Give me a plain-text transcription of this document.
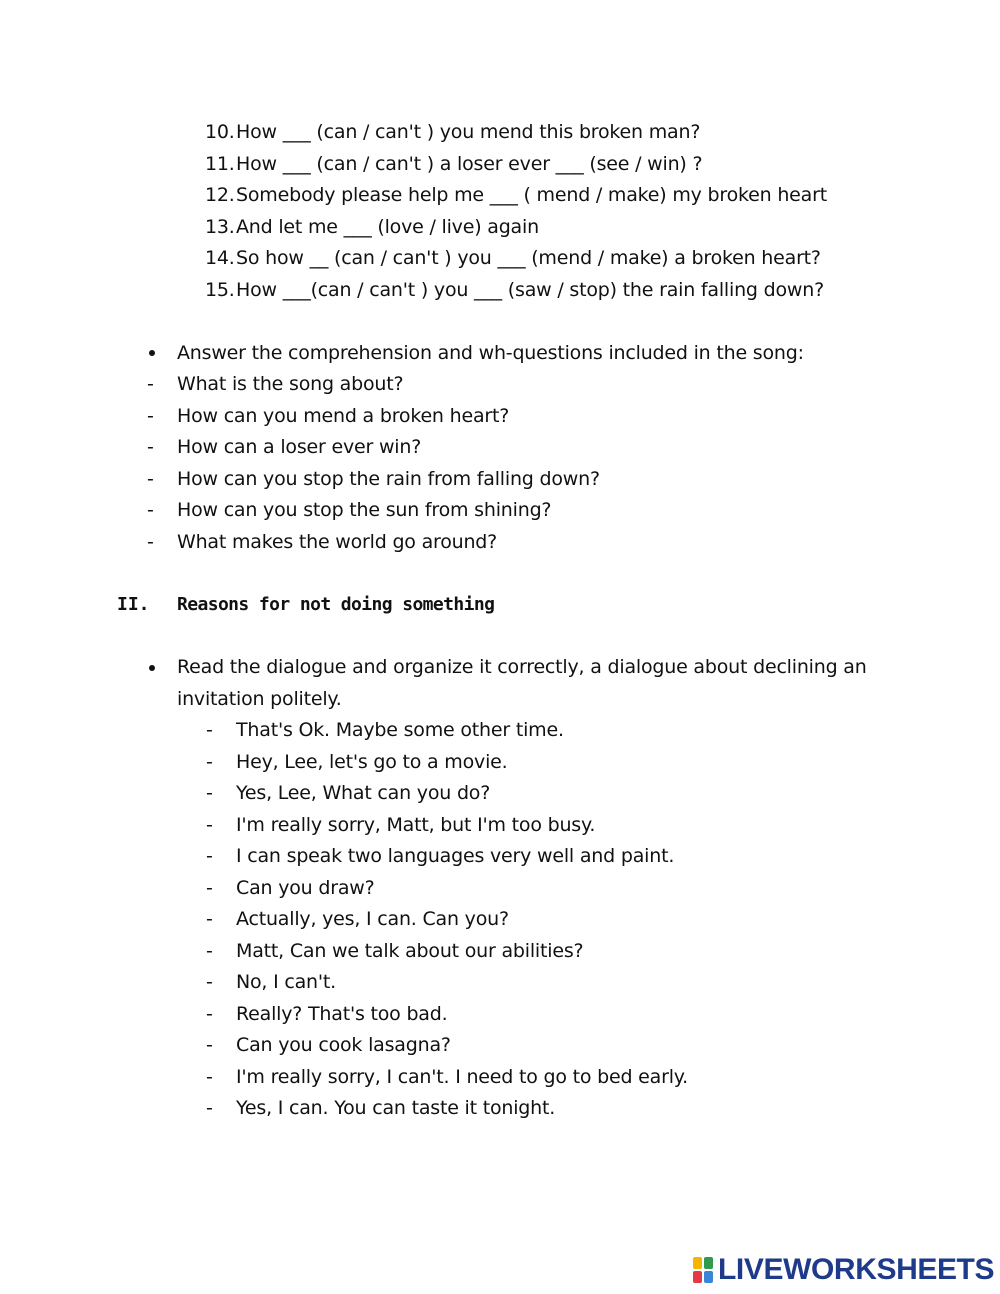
10. How ___ (can / can't ) you mend this broken man?
11. How ___ (can / can't ) a loser ever ___ (see / win) ?
12. Somebody please help me ___ ( mend / make) my broken heart
13. And let me ___ (love / live) again
14. So how __ (can / can't ) you ___ (mend / make) a broken heart?
15. How ___(can / can't ) you ___ (saw / stop) the rain falling down?
Answer the comprehension and wh-questions included in the song:
- What is the song about?
- How can you mend a broken heart?
- How can a loser ever win?
- How can you stop the rain from falling down?
- How can you stop the sun from shining?
- What makes the world go around?
II. Reasons for not doing something
Read the dialogue and organize it correctly, a dialogue about declining an
invitation politely.
- That's Ok. Maybe some other time.
- Hey, Lee, let's go to a movie.
- Yes, Lee, What can you do?
- I'm really sorry, Matt, but I'm too busy.
- I can speak two languages very well and paint.
- Can you draw?
- Actually, yes, I can. Can you?
- Matt, Can we talk about our abilities?
- No, I can't.
- Really? That's too bad.
- Can you cook lasagna?
- I'm really sorry, I can't. I need to go to bed early.
- Yes, I can. You can taste it tonight.
LIVEWORKSHEETS
